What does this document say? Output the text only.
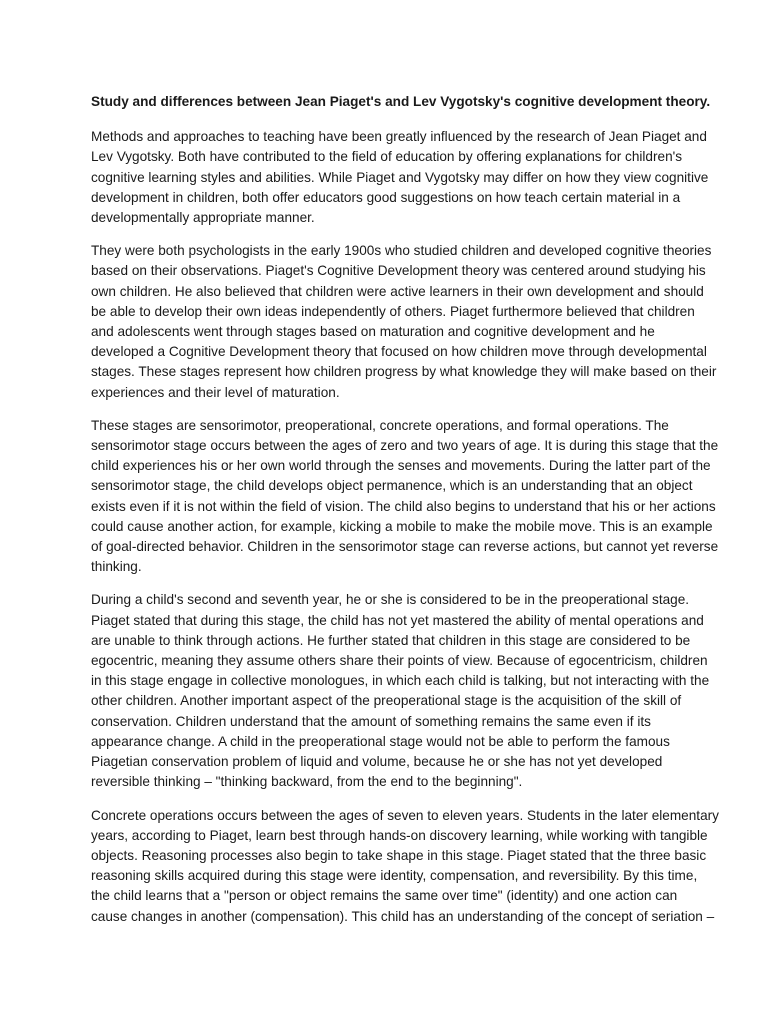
Study and differences between Jean Piaget's and Lev Vygotsky's cognitive development theory.
Methods and approaches to teaching have been greatly influenced by the research of Jean Piaget and
Lev Vygotsky. Both have contributed to the field of education by offering explanations for children's
cognitive learning styles and abilities. While Piaget and Vygotsky may differ on how they view cognitive
development in children, both offer educators good suggestions on how teach certain material in a
developmentally appropriate manner.
They were both psychologists in the early 1900s who studied children and developed cognitive theories
based on their observations. Piaget's Cognitive Development theory was centered around studying his
own children. He also believed that children were active learners in their own development and should
be able to develop their own ideas independently of others. Piaget furthermore believed that children
and adolescents went through stages based on maturation and cognitive development and he
developed a Cognitive Development theory that focused on how children move through developmental
stages. These stages represent how children progress by what knowledge they will make based on their
experiences and their level of maturation.
These stages are sensorimotor, preoperational, concrete operations, and formal operations. The
sensorimotor stage occurs between the ages of zero and two years of age. It is during this stage that the
child experiences his or her own world through the senses and movements. During the latter part of the
sensorimotor stage, the child develops object permanence, which is an understanding that an object
exists even if it is not within the field of vision. The child also begins to understand that his or her actions
could cause another action, for example, kicking a mobile to make the mobile move. This is an example
of goal-directed behavior. Children in the sensorimotor stage can reverse actions, but cannot yet reverse
thinking.
During a child's second and seventh year, he or she is considered to be in the preoperational stage.
Piaget stated that during this stage, the child has not yet mastered the ability of mental operations and
are unable to think through actions. He further stated that children in this stage are considered to be
egocentric, meaning they assume others share their points of view. Because of egocentricism, children
in this stage engage in collective monologues, in which each child is talking, but not interacting with the
other children. Another important aspect of the preoperational stage is the acquisition of the skill of
conservation. Children understand that the amount of something remains the same even if its
appearance change. A child in the preoperational stage would not be able to perform the famous
Piagetian conservation problem of liquid and volume, because he or she has not yet developed
reversible thinking – "thinking backward, from the end to the beginning".
Concrete operations occurs between the ages of seven to eleven years. Students in the later elementary
years, according to Piaget, learn best through hands-on discovery learning, while working with tangible
objects. Reasoning processes also begin to take shape in this stage. Piaget stated that the three basic
reasoning skills acquired during this stage were identity, compensation, and reversibility. By this time,
the child learns that a "person or object remains the same over time" (identity) and one action can
cause changes in another (compensation). This child has an understanding of the concept of seriation –
